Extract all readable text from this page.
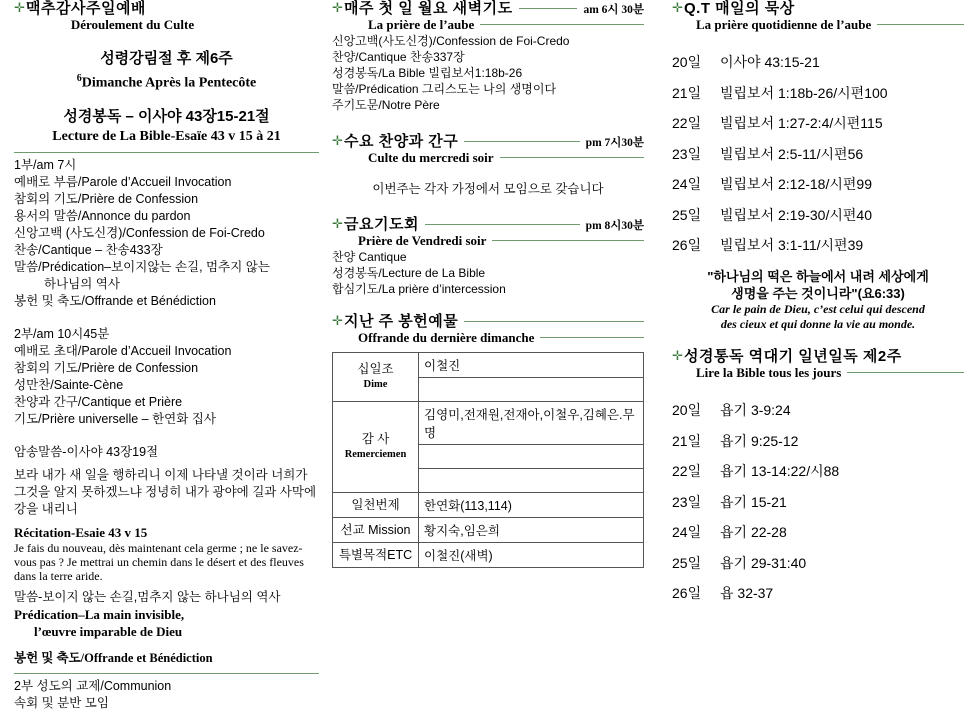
✛ 맥추감사주일예배
Déroulement du Culte
성령강림절 후 제6주
$^6$Dimanche Après la Pentecôte
성경봉독 – 이사야 43장15-21절
Lecture de La Bible-Esaïe 43 v 15 à 21
1부/am 7시
예배로 부름/Parole d’Accueil Invocation
참회의 기도/Prière de Confession
용서의 말씀/Annonce du pardon
신앙고백 (사도신경)/Confession de Foi-Credo
찬송/Cantique – 찬송433장
말씀/Prédication–보이지않는 손길, 멈추지 않는
하나님의 역사
봉헌 및 축도/Offrande et Bénédiction
2부/am 10시45분
예배로 초대/Parole d’Accueil Invocation
참회의 기도/Prière de Confession
성만찬/Sainte-Cène
찬양과 간구/Cantique et Prière
기도/Prière universelle – 한연화 집사
암송말씀-이사야 43장19절
보라 내가 새 일을 행하리니 이제 나타낼 것이라 너희가 그것을 알지 못하겠느냐 정녕히 내가 광야에 길과 사막에 강을 내리니
Récitation-Esaie 43 v 15
Je fais du nouveau, dès maintenant cela germe ; ne le savez-vous pas ? Je mettrai un chemin dans le désert et des fleuves dans la terre aride.
말씀-보이지 않는 손길,멈추지 않는 하나님의 역사
Prédication–La main invisible,
l’œuvre imparable de Dieu
봉헌 및 축도/Offrande et Bénédiction
2부 성도의 교제/Communion
속회 및 분반 모임
✛ 매주 첫 일 월요 새벽기도	am 6시 30분
La prière de l’aube
신앙고백(사도신경)/Confession de Foi-Credo
찬양/Cantique 찬송337장
성경봉독/La Bible 빌립보서1:18b-26
말씀/Prédication 그리스도는 나의 생명이다
주기도문/Notre Père
✛ 수요 찬양과 간구	pm 7시30분
Culte du mercredi soir
이번주는 각자 가정에서 모임으로 갖습니다
✛ 금요기도회	pm 8시30분
Prière de Vendredi soir
찬양 Cantique
성경봉독/Lecture de La Bible
합심기도/La prière d’intercession
✛ 지난 주 봉헌예물
Offrande du dernière dimanche
십일조
Dime	이철진

감 사
Remerciemen	김영미,전재원,전재아,이철우,김혜은.무명

일천번제	한연화(113,114)
선교 Mission	황지숙,임은희
특별목적ETC	이철진(새벽)
✛ Q.T 매일의 묵상
La prière quotidienne de l’aube
20일	이사야 43:15-21
21일	빌립보서 1:18b-26/시편100
22일	빌립보서 1:27-2:4/시편115
23일	빌립보서 2:5-11/시편56
24일	빌립보서 2:12-18/시편99
25일	빌립보서 2:19-30/시편40
26일	빌립보서 3:1-11/시편39
"하나님의 떡은 하늘에서 내려 세상에게
생명을 주는 것이니라"(요6:33)
Car le pain de Dieu, c’est celui qui descend
des cieux et qui donne la vie au monde.
✛ 성경통독 역대기 일년일독 제2주
Lire la Bible tous les jours
20일	욥기 3-9:24
21일	욥기 9:25-12
22일	욥기 13-14:22/시88
23일	욥기 15-21
24일	욥기 22-28
25일	욥기 29-31:40
26일	욥 32-37
